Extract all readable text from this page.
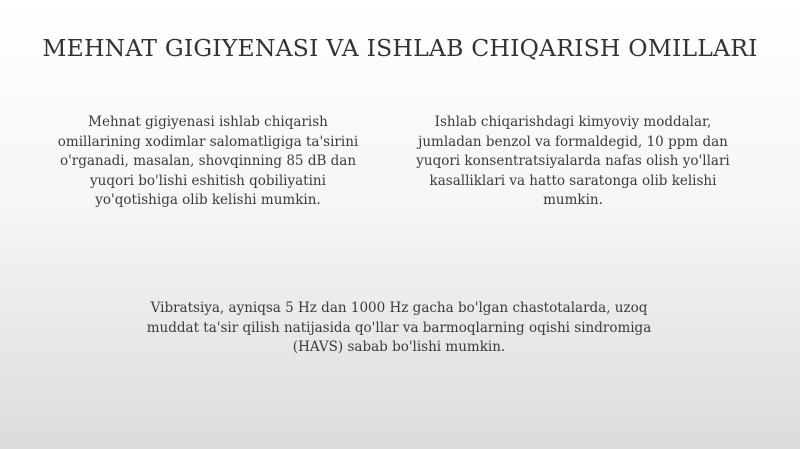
MEHNAT GIGIYENASI VA ISHLAB CHIQARISH OMILLARI

Mehnat gigiyenasi ishlab chiqarish omillarining xodimlar salomatligiga ta'sirini o'rganadi, masalan, shovqinning 85 dB dan yuqori bo'lishi eshitish qobiliyatini yo'qotishiga olib kelishi mumkin.

Ishlab chiqarishdagi kimyoviy moddalar, jumladan benzol va formaldegid, 10 ppm dan yuqori konsentratsiyalarda nafas olish yo'llari kasalliklari va hatto saratonga olib kelishi mumkin.

Vibratsiya, ayniqsa 5 Hz dan 1000 Hz gacha bo'lgan chastotalarda, uzoq muddat ta'sir qilish natijasida qo'llar va barmoqlarning oqishi sindromiga (HAVS) sabab bo'lishi mumkin.
